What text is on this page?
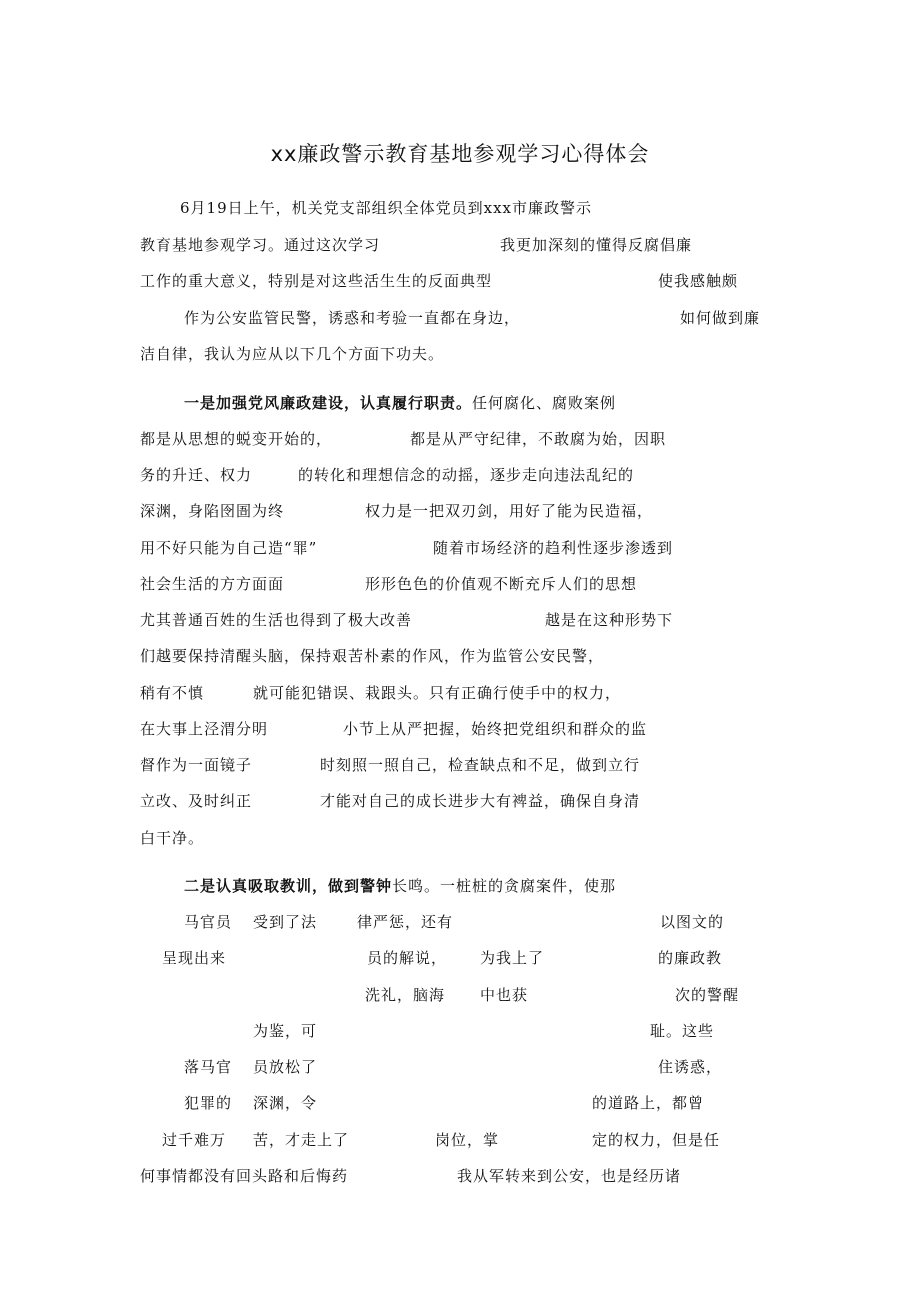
xx廉政警示教育基地参观学习心得体会
6月19日上午，机关党支部组织全体党员到xxx市廉政警示
教育基地参观学习。通过这次学习	我更加深刻的懂得反腐倡廉
工作的重大意义，特别是对这些活生生的反面典型	使我感触颇
作为公安监管民警，诱惑和考验一直都在身边，	如何做到廉
洁自律，我认为应从以下几个方面下功夫。
一是加强党风廉政建设，认真履行职责。任何腐化、腐败案例
都是从思想的蜕变开始的，	都是从严守纪律，不敢腐为始，因职
务的升迁、权力	的转化和理想信念的动摇，逐步走向违法乱纪的
深渊，身陷囹圄为终	权力是一把双刃剑，用好了能为民造福，
用不好只能为自己造“罪”	随着市场经济的趋利性逐步渗透到
社会生活的方方面面	形形色色的价值观不断充斥人们的思想
尤其普通百姓的生活也得到了极大改善	越是在这种形势下
们越要保持清醒头脑，保持艰苦朴素的作风，作为监管公安民警，
稍有不慎	就可能犯错误、栽跟头。只有正确行使手中的权力，
在大事上泾渭分明	小节上从严把握，始终把党组织和群众的监
督作为一面镜子	时刻照一照自己，检查缺点和不足，做到立行
立改、及时纠正	才能对自己的成长进步大有裨益，确保自身清
白干净。
二是认真吸取教训，做到警钟长鸣。一桩桩的贪腐案件，使那
马官员 受到了法	律严惩，还有	以图文的
呈现出来	员的解说， 为我上了	的廉政教
洗礼，脑海 中也获	次的警醒
为鉴，可	耻。这些
落马官 员放松了	住诱惑，
犯罪的 深渊，令	的道路上，都曾
过千难万 苦，才走上了	岗位，掌	定的权力，但是任
何事情都没有回头路和后悔药	我从军转来到公安，也是经历诸
